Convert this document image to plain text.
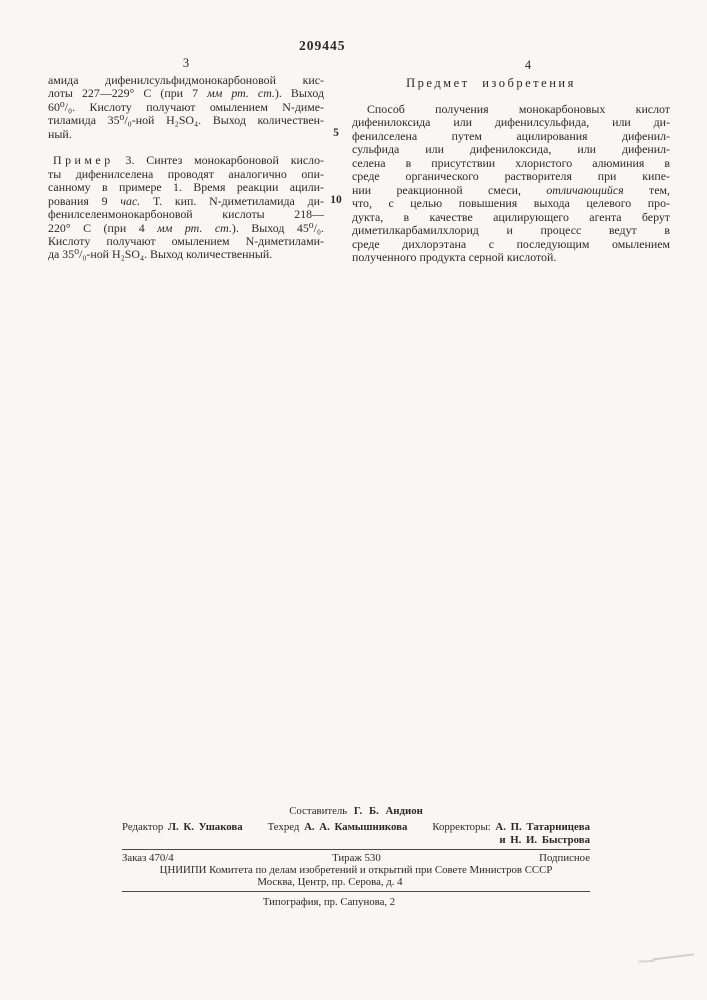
209445
3
амида дифенилсульфидмонокарбоновой кис-
лоты 227—229° С (при 7 мм рт. ст.). Выход
60⁰/₀. Кислоту получают омылением N-диме-
тиламида 35⁰/₀-ной H₂SO₄. Выход количествен-
ный.
Пример 3. Синтез монокарбоновой кисло-
ты дифенилселена проводят аналогично опи-
санному в примере 1. Время реакции ацили-
рования 9 час. Т. кип. N-диметиламида ди-
фенилселенмонокарбоновой кислоты 218—
220° С (при 4 мм рт. ст.). Выход 45⁰/₀.
Кислоту получают омылением N-диметилами-
да 35⁰/₀-ной H₂SO₄. Выход количественный.
4
Предмет изобретения
Способ получения монокарбоновых кислот
дифенилоксида или дифенилсульфида, или ди-
фенилселена путем ацилирования дифенил-
сульфида или дифенилоксида, или дифенил-
селена в присутствии хлористого алюминия в
среде органического растворителя при кипе-
нии реакционной смеси, отличающийся тем,
что, с целью повышения выхода целевого про-
дукта, в качестве ацилирующего агента берут
диметилкарбамилхлорид и процесс ведут в
среде дихлорэтана с последующим омылением
полученного продукта серной кислотой.
5
10
Составитель Г. Б. Андион
Редактор Л. К. Ушакова Техред А. А. Камышникова Корректоры: А. П. Татарницева
и Н. И. Быстрова
Заказ 470/4	Тираж 530	Подписное
ЦНИИПИ Комитета по делам изобретений и открытий при Совете Министров СССР
Москва, Центр, пр. Серова, д. 4
Типография, пр. Сапунова, 2
